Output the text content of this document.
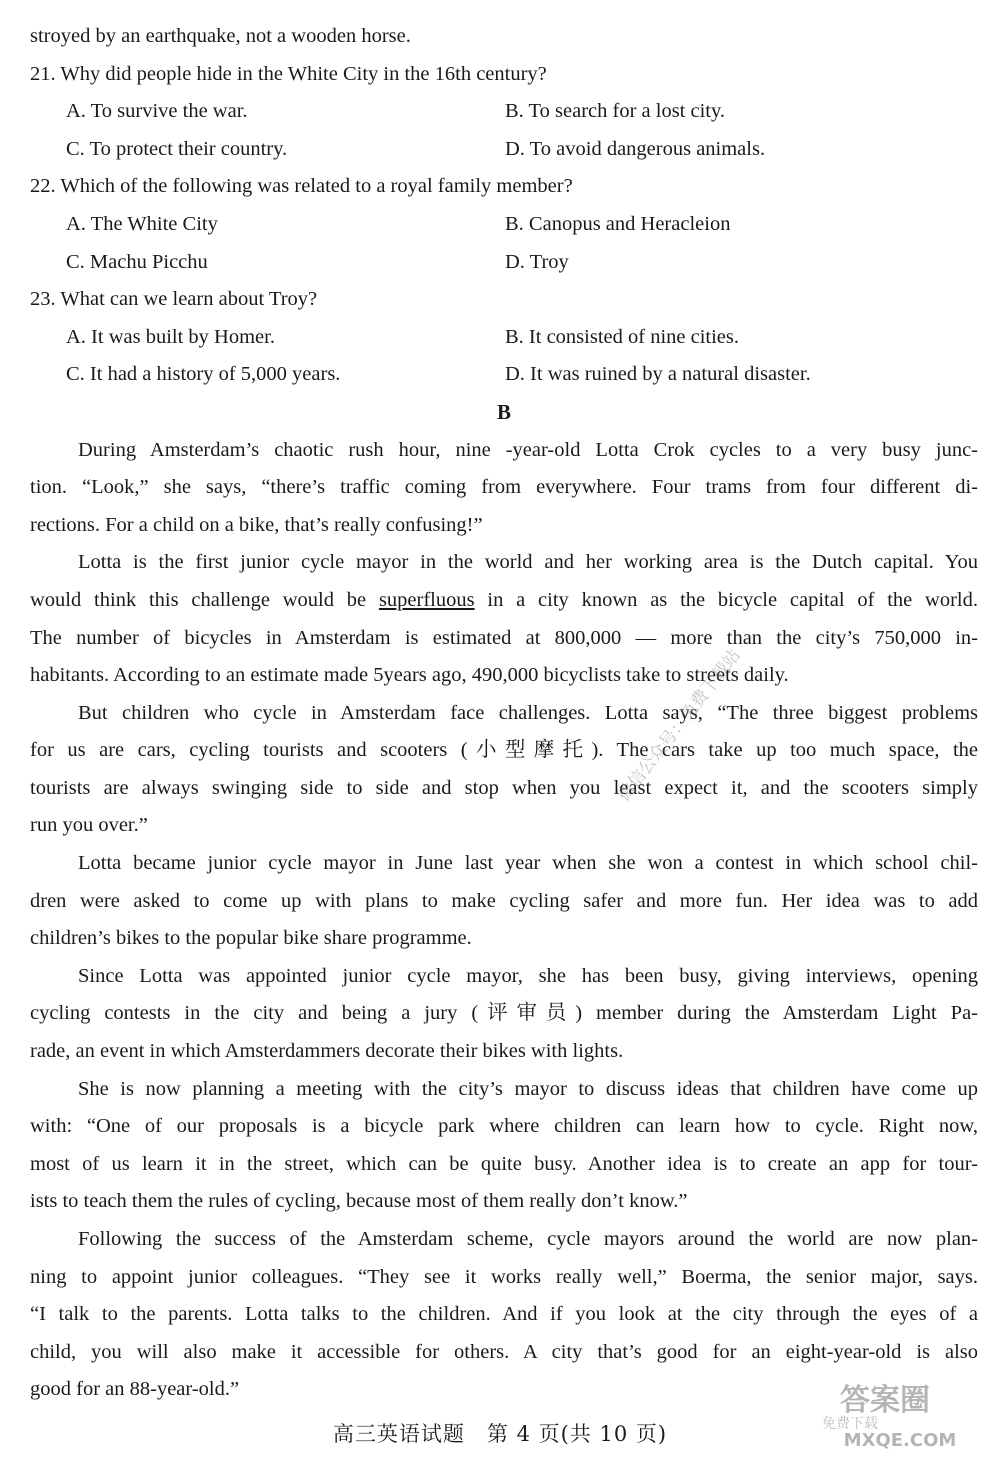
stroyed by an earthquake, not a wooden horse.
21. Why did people hide in the White City in the 16th century?
A. To survive the war.	B. To search for a lost city.
C. To protect their country.	D. To avoid dangerous animals.
22. Which of the following was related to a royal family member?
A. The White City	B. Canopus and Heracleion
C. Machu Picchu	D. Troy
23. What can we learn about Troy?
A. It was built by Homer.	B. It consisted of nine cities.
C. It had a history of 5,000 years.	D. It was ruined by a natural disaster.
B
During Amsterdam’s chaotic rush hour, nine -year-old Lotta Crok cycles to a very busy junc-
tion. “Look,” she says, “there’s traffic coming from everywhere. Four trams from four different di-
rections. For a child on a bike, that’s really confusing!”
Lotta is the first junior cycle mayor in the world and her working area is the Dutch capital. You
would think this challenge would be superfluous in a city known as the bicycle capital of the world.
The number of bicycles in Amsterdam is estimated at 800,000 — more than the city’s 750,000 in-
habitants. According to an estimate made 5years ago, 490,000 bicyclists take to streets daily.
But children who cycle in Amsterdam face challenges. Lotta says, “The three biggest problems
for us are cars, cycling tourists and scooters (小型摩托). The cars take up too much space, the
tourists are always swinging side to side and stop when you least expect it, and the scooters simply
run you over.”
Lotta became junior cycle mayor in June last year when she won a contest in which school chil-
dren were asked to come up with plans to make cycling safer and more fun. Her idea was to add
children’s bikes to the popular bike share programme.
Since Lotta was appointed junior cycle mayor, she has been busy, giving interviews, opening
cycling contests in the city and being a jury (评审员) member during the Amsterdam Light Pa-
rade, an event in which Amsterdammers decorate their bikes with lights.
She is now planning a meeting with the city’s mayor to discuss ideas that children have come up
with: “One of our proposals is a bicycle park where children can learn how to cycle. Right now,
most of us learn it in the street, which can be quite busy. Another idea is to create an app for tour-
ists to teach them the rules of cycling, because most of them really don’t know.”
Following the success of the Amsterdam scheme, cycle mayors around the world are now plan-
ning to appoint junior colleagues. “They see it works really well,” Boerma, the senior major, says.
“I talk to the parents. Lotta talks to the children. And if you look at the city through the eyes of a
child, you will also make it accessible for others. A city that’s good for an eight-year-old is also
good for an 88-year-old.”
微信公众号：免费下载站
高三英语试题　第 4 页(共 10 页)
答案圈
免费下载
MXQE.COM
